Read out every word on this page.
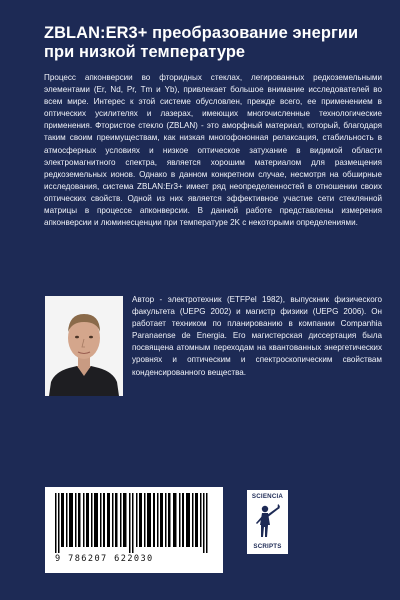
ZBLAN:ER3+ преобразование энергии при низкой температуре
Процесс апконверсии во фторидных стеклах, легированных редкоземельными элементами (Er, Nd, Pr, Tm и Yb), привлекает большое внимание исследователей во всем мире. Интерес к этой системе обусловлен, прежде всего, ее применением в оптических усилителях и лазерах, имеющих многочисленные технологические применения. Фтористое стекло (ZBLAN) - это аморфный материал, который, благодаря таким своим преимуществам, как низкая многофононная релаксация, стабильность в атмосферных условиях и низкое оптическое затухание в видимой области электромагнитного спектра, является хорошим материалом для размещения редкоземельных ионов. Однако в данном конкретном случае, несмотря на обширные исследования, система ZBLAN:Er3+ имеет ряд неопределенностей в отношении своих оптических свойств. Одной из них является эффективное участие сети стеклянной матрицы в процессе апконверсии. В данной работе представлены измерения апконверсии и люминесценции при температуре 2K с некоторыми определениями.
Автор - электротехник (ETFPel 1982), выпускник физического факультета (UEPG 2002) и магистр физики (UEPG 2006). Он работает техником по планированию в компании Companhia Paranaense de Energia. Его магистерская диссертация была посвящена атомным переходам на квантованных энергетических уровнях и оптическим и спектроскопическим свойствам конденсированного вещества.
9 786207 622030
SCIENCIA
SCRIPTS
